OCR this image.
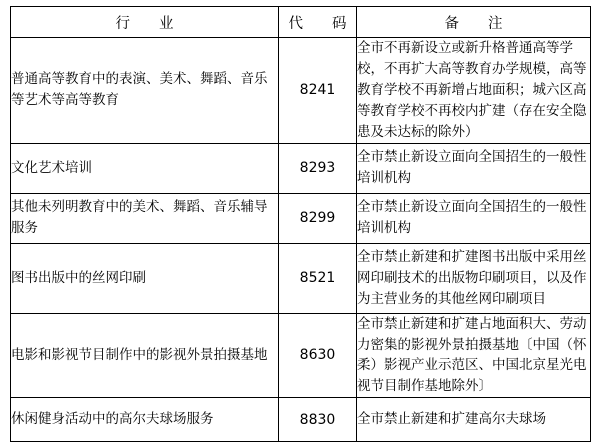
行　业	代　码	备　注
普通高等教育中的表演、美术、舞蹈、音乐等艺术等高等教育	8241	全市不再新设立或新升格普通高等学校，不再扩大高等教育办学规模，高等教育学校不再新增占地面积；城六区高等教育学校不再校内扩建（存在安全隐患及未达标的除外）
文化艺术培训	8293	全市禁止新设立面向全国招生的一般性培训机构
其他未列明教育中的美术、舞蹈、音乐辅导服务	8299	全市禁止新设立面向全国招生的一般性培训机构
图书出版中的丝网印刷	8521	全市禁止新建和扩建图书出版中采用丝网印刷技术的出版物印刷项目，以及作为主营业务的其他丝网印刷项目
电影和影视节目制作中的影视外景拍摄基地	8630	全市禁止新建和扩建占地面积大、劳动力密集的影视外景拍摄基地〔中国（怀柔）影视产业示范区、中国北京星光电视节目制作基地除外〕
休闲健身活动中的高尔夫球场服务	8830	全市禁止新建和扩建高尔夫球场
